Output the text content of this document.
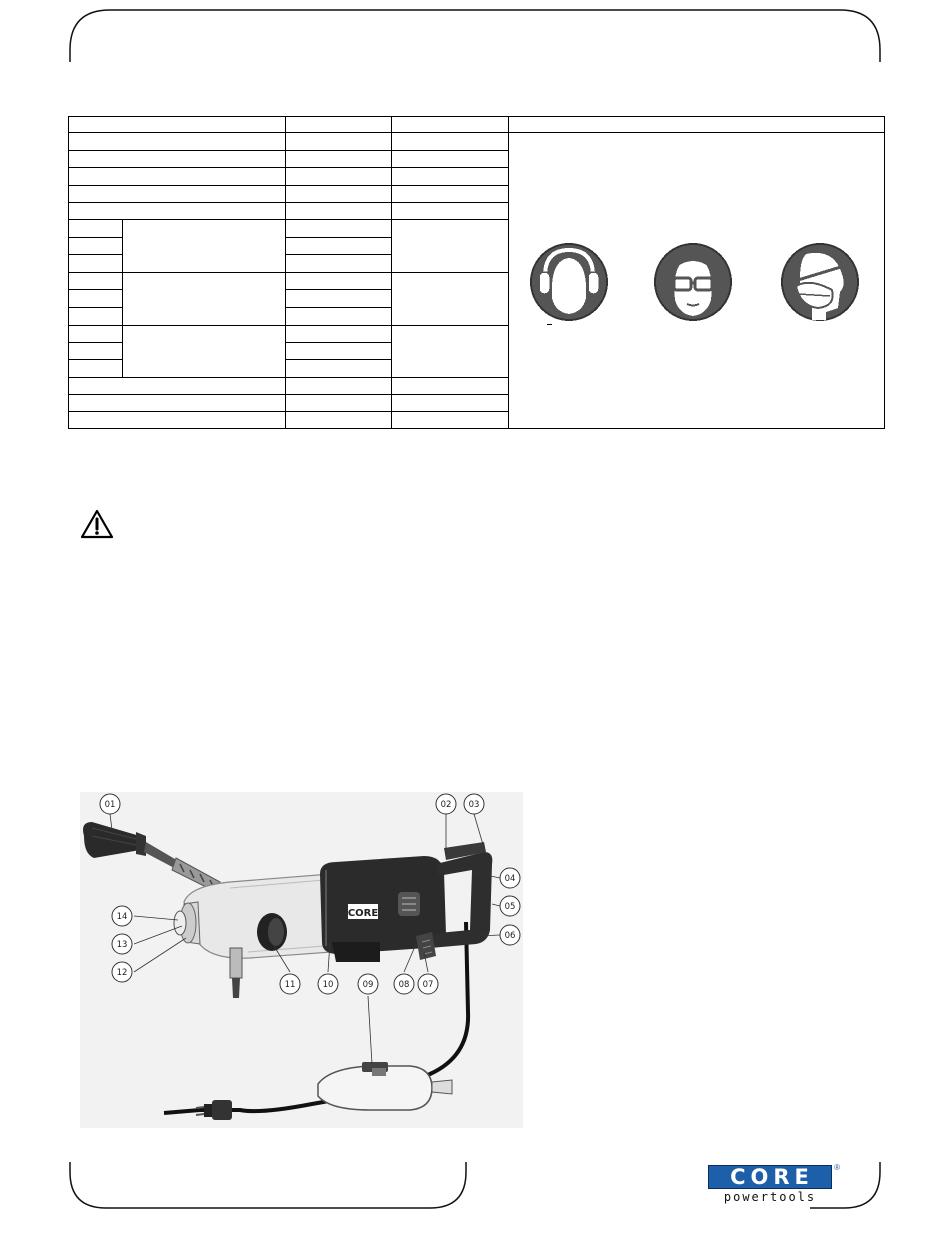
CORE
01	02 03
04
05
06
07
08
09
10
11
12
13
14
CORE	®
powertools
